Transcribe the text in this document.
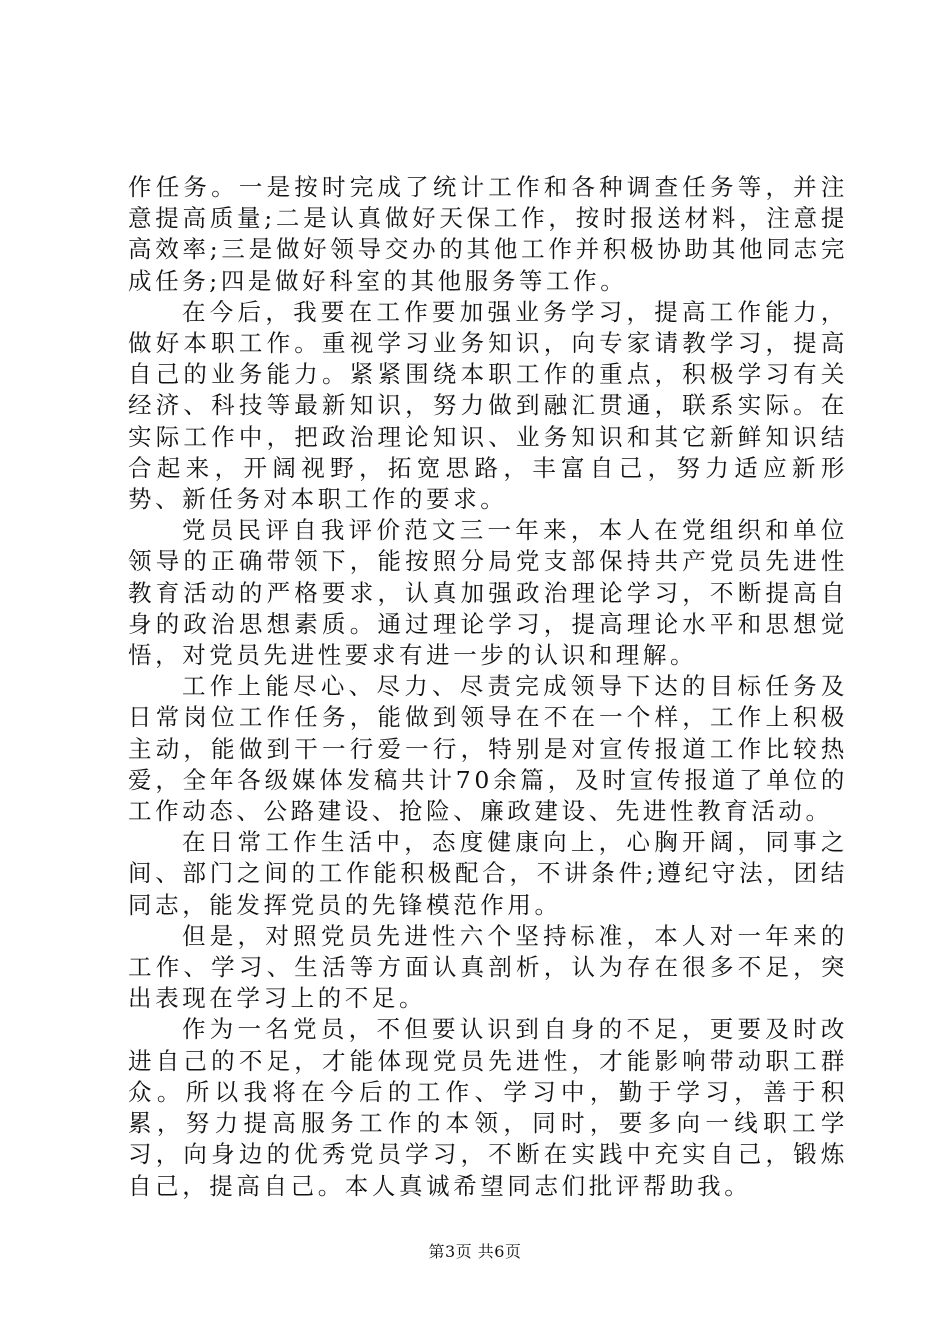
作任务。一是按时完成了统计工作和各种调查任务等，并注意提高质量;二是认真做好天保工作，按时报送材料，注意提高效率;三是做好领导交办的其他工作并积极协助其他同志完成任务;四是做好科室的其他服务等工作。

在今后，我要在工作要加强业务学习，提高工作能力，做好本职工作。重视学习业务知识，向专家请教学习，提高自己的业务能力。紧紧围绕本职工作的重点，积极学习有关经济、科技等最新知识，努力做到融汇贯通，联系实际。在实际工作中，把政治理论知识、业务知识和其它新鲜知识结合起来，开阔视野，拓宽思路，丰富自己，努力适应新形势、新任务对本职工作的要求。

党员民评自我评价范文三一年来，本人在党组织和单位领导的正确带领下，能按照分局党支部保持共产党员先进性教育活动的严格要求，认真加强政治理论学习，不断提高自身的政治思想素质。通过理论学习，提高理论水平和思想觉悟，对党员先进性要求有进一步的认识和理解。

工作上能尽心、尽力、尽责完成领导下达的目标任务及日常岗位工作任务，能做到领导在不在一个样，工作上积极主动，能做到干一行爱一行，特别是对宣传报道工作比较热爱，全年各级媒体发稿共计70余篇，及时宣传报道了单位的工作动态、公路建设、抢险、廉政建设、先进性教育活动。

在日常工作生活中，态度健康向上，心胸开阔，同事之间、部门之间的工作能积极配合，不讲条件;遵纪守法，团结同志，能发挥党员的先锋模范作用。

但是，对照党员先进性六个坚持标准，本人对一年来的工作、学习、生活等方面认真剖析，认为存在很多不足，突出表现在学习上的不足。

作为一名党员，不但要认识到自身的不足，更要及时改进自己的不足，才能体现党员先进性，才能影响带动职工群众。所以我将在今后的工作、学习中，勤于学习，善于积累，努力提高服务工作的本领，同时，要多向一线职工学习，向身边的优秀党员学习，不断在实践中充实自己，锻炼自己，提高自己。本人真诚希望同志们批评帮助我。

第3页 共6页
